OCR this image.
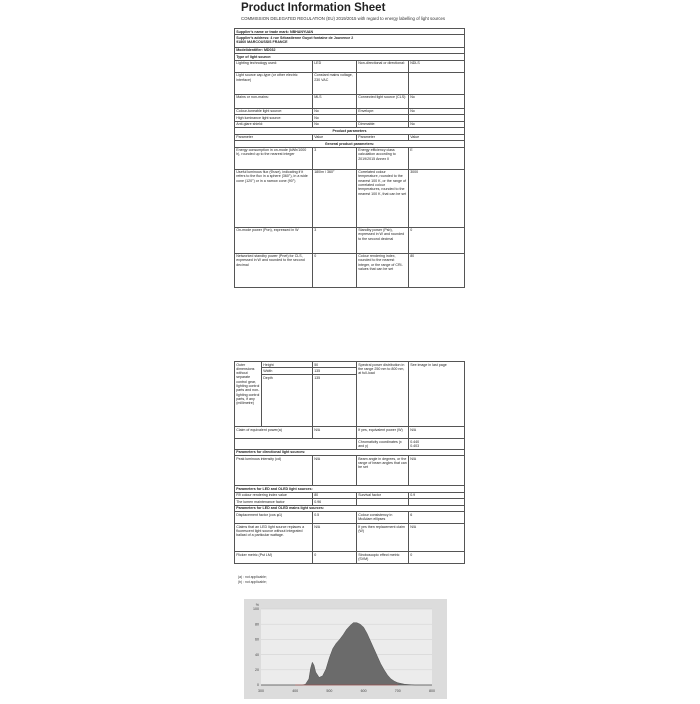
Product Information Sheet
COMMISSION DELEGATED REGULATION (EU) 2019/2015 with regard to energy labelling of light sources
Supplier's name or trade mark: NBHANYUAN			
Supplier's address: 4 rue Sébastienne Guyot fontaine de Jouvence 2
91860 MARCOUSSIS FRANCE			
Modelidentifier: MD032			
Type of light source:			
Lighting technology used:	LED	Non-directional or directional:	NDLS
Light source cap-type (or other electric interface)	Constant mains voltage, 230 VAC		
Mains or non-mains:	MLS	Connected light source (CLS):	No
Colour-tuneable light source:	No	Envelope:	No
High luminance light source:	No		
Anti-glare shield:	No	Dimmable:	No
Product parameters			
Parameter	Value	Parameter	Value
General product parameters:			
Energy consumption in on-mode (kWh/1000 h), rounded up to the nearest integer	3	Energy efficiency class calculation according to 2019/2015 Annex II	E
Useful luminous flux (Φuse), indicating if it refers to the flux in a sphere (360°), in a wide cone (120°) or in a narrow cone (90°)	180lm / 360°	Correlated colour temperature, rounded to the nearest 100 K, or the range of correlated colour temperatures, rounded to the nearest 100 K, that can be set	3000
On-mode power (Pon), expressed in W	3	Standby power (Psb), expressed in W and rounded to the second decimal	0
Networked standby power (Pnet) for CLS, expressed in W and rounded to the second decimal	0	Colour rendering index, rounded to the nearest integer, or the range of CRI-values that can be set	80
Outer dimensions without separate control gear, lighting control parts and non-lighting control parts, if any (millimetre)	Height	50	Spectral power distribution in the range 250 nm to 800 nm, at full-load	See image in last page
	Width	135		
	Depth	135		
Claim of equivalent power(a)		N/A	If yes, equivalent power (W)	N/A
			Chromaticity coordinates (x and y)	0.440
0.403
Parameters for directional light sources:				
Peak luminous intensity (cd)		N/A	Beam angle in degrees, or the range of beam angles that can be set	N/A
Parameters for LED and OLED light sources:				
R9 colour rendering index value		80	Survival factor	0.9
The lumen maintenance factor		0.96		
Parameters for LED and OLED mains light sources:				
Displacement factor (cos φ1)		0.5	Colour consistency in McAdam ellipses	6
Claims that an LED light source replaces a fluorescent light source without integrated ballast of a particular wattage.		N/A	If yes then replacement claim (W)	N/A
Flicker metric (Pst LM)		0	Stroboscopic effect metric (SVM)	0
(a) : not applicable;
(b) : not applicable;
0
20
40
60
80
100
300	400	500	600	700	800
%
